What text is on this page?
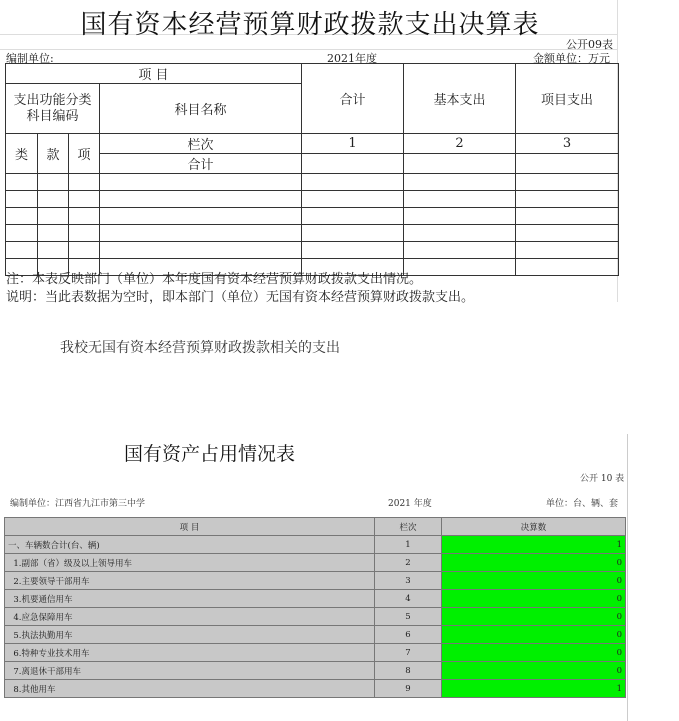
国有资本经营预算财政拨款支出决算表
公开09表
编制单位:	2021年度	金额单位：万元
项 目				合计	基本支出	项目支出
支出功能分类科目编码			科目名称			
类	款	项	栏次	1	2	3
			合计			

注：本表反映部门（单位）本年度国有资本经营预算财政拨款支出情况。
说明：当此表数据为空时，即本部门（单位）无国有资本经营预算财政拨款支出。
我校无国有资本经营预算财政拨款相关的支出
国有资产占用情况表
公开 10 表
编制单位：江西省九江市第三中学	2021 年度	单位：台、辆、套
项 目	栏次	决算数
一、车辆数合计(台、辆)	1	1
1.副部（省）级及以上领导用车	2	0
2.主要领导干部用车	3	0
3.机要通信用车	4	0
4.应急保障用车	5	0
5.执法执勤用车	6	0
6.特种专业技术用车	7	0
7.离退休干部用车	8	0
8.其他用车	9	1
